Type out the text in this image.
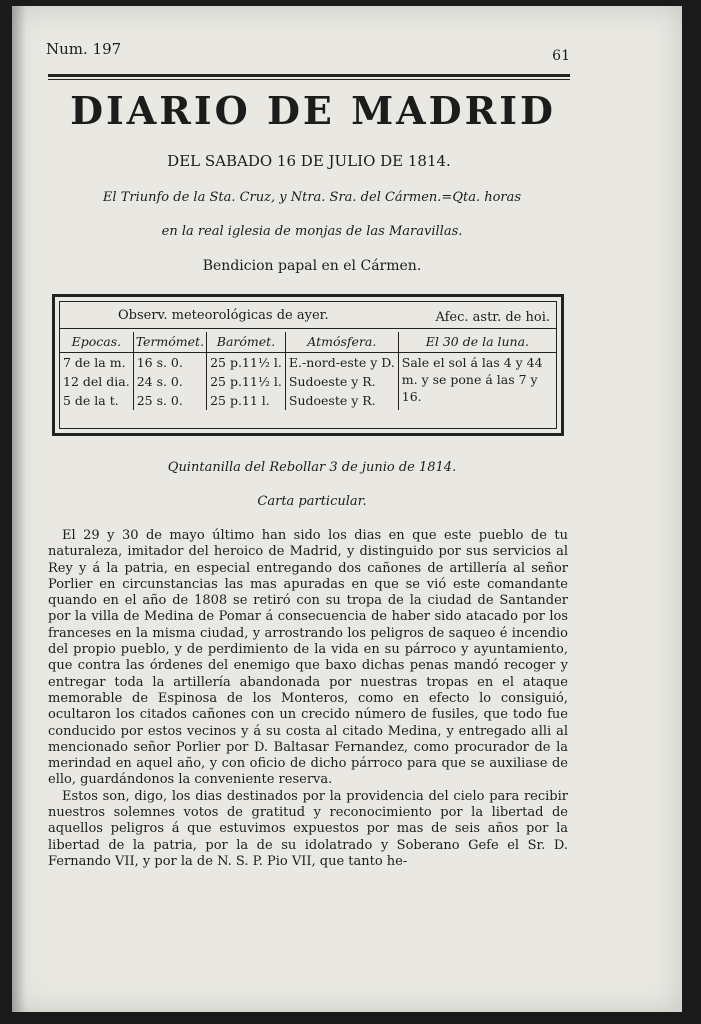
Num. 197	61
DIARIO DE MADRID
DEL SABADO 16 DE JULIO DE 1814.
El Triunfo de la Sta. Cruz, y Ntra. Sra. del Cármen.=Qta. horas
en la real iglesia de monjas de las Maravillas.
Bendicion papal en el Cármen.
Observ. meteorológicas de ayer.	Afec. astr. de hoi.
Epocas.	Termómet.	Barómet.	Atmósfera.	El 30 de la luna.
7 de la m.	16 s. 0.	25 p.11½ l.	E.-nord-este y D.	Sale el sol á las 4 y 44 m. y se pone á las 7 y 16.
12 del dia.	24 s. 0.	25 p.11½ l.	Sudoeste y R.	
5 de la t.	25 s. 0.	25 p.11 l.	Sudoeste y R.	
Quintanilla del Rebollar 3 de junio de 1814.
Carta particular.

El 29 y 30 de mayo último han sido los dias en que este pueblo de tu naturaleza, imitador del heroico de Madrid, y distinguido por sus servicios al Rey y á la patria, en especial entregando dos cañones de artillería al señor Porlier en circunstancias las mas apuradas en que se vió este comandante quando en el año de 1808 se retiró con su tropa de la ciudad de Santander por la villa de Medina de Pomar á consecuencia de haber sido atacado por los franceses en la misma ciudad, y arrostrando los peligros de saqueo é incendio del propio pueblo, y de perdimiento de la vida en su párroco y ayuntamiento, que contra las órdenes del enemigo que baxo dichas penas mandó recoger y entregar toda la artillería abandonada por nuestras tropas en el ataque memorable de Espinosa de los Monteros, como en efecto lo consiguió, ocultaron los citados cañones con un crecido número de fusiles, que todo fue conducido por estos vecinos y á su costa al citado Medina, y entregado alli al mencionado señor Porlier por D. Baltasar Fernandez, como procurador de la merindad en aquel año, y con oficio de dicho párroco para que se auxiliase de ello, guardándonos la conveniente reserva.

Estos son, digo, los dias destinados por la providencia del cielo para recibir nuestros solemnes votos de gratitud y reconocimiento por la libertad de aquellos peligros á que estuvimos expuestos por mas de seis años por la libertad de la patria, por la de su idolatrado y Soberano Gefe el Sr. D. Fernando VII, y por la de N. S. P. Pio VII, que tanto he-
